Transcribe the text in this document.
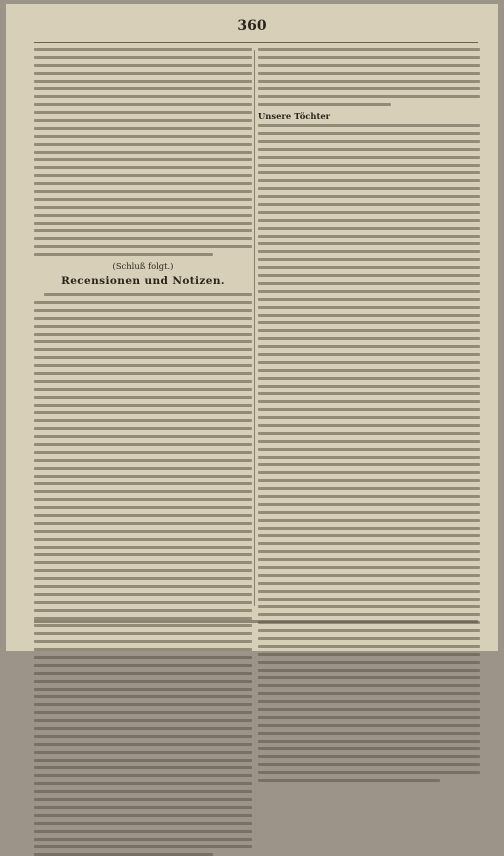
360
(Schluß folgt.)
Recensionen und Notizen.
Unsere Töchter
